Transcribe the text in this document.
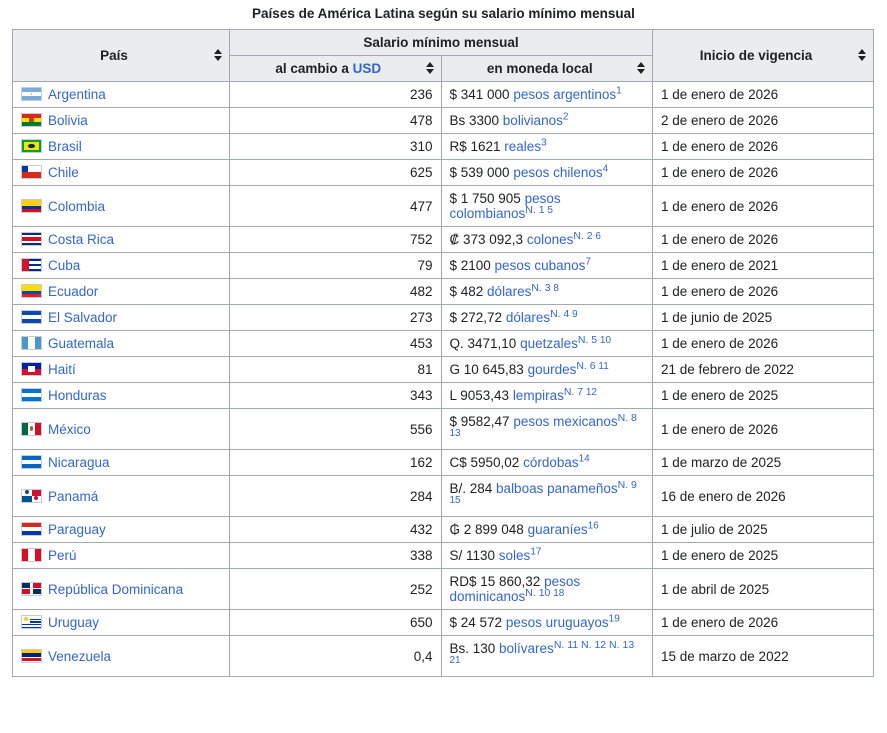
Países de América Latina según su salario mínimo mensual
País	Salario mínimo mensual		Inicio de vigencia

	al cambio a USD	en moneda local	

Argentina	236	$ 341 000 pesos argentinos$^1$	1 de enero de 2026

Bolivia	478	Bs 3300 bolivianos$^2$	2 de enero de 2026

Brasil	310	R$ 1621 reales$^3$	1 de enero de 2026

Chile	625	$ 539 000 pesos chilenos$^4$	1 de enero de 2026

Colombia	477	$ 1 750 905 pesos colombianos$^{N. 1 5}$	1 de enero de 2026

Costa Rica	752	₡ 373 092,3 colones$^{N. 2 6}$	1 de enero de 2026

Cuba	79	$ 2100 pesos cubanos$^7$	1 de enero de 2021

Ecuador	482	$ 482 dólares$^{N. 3 8}$	1 de enero de 2026

El Salvador	273	$ 272,72 dólares$^{N. 4 9}$	1 de junio de 2025

Guatemala	453	Q. 3471,10 quetzales$^{N. 5 10}$	1 de enero de 2026

Haití	81	G 10 645,83 gourdes$^{N. 6 11}$	21 de febrero de 2022

Honduras	343	L 9053,43 lempiras$^{N. 7 12}$	1 de enero de 2025

México	556	$ 9582,47 pesos mexicanos$^{N. 8 13}$	1 de enero de 2026

Nicaragua	162	C$ 5950,02 córdobas$^{14}$	1 de marzo de 2025

Panamá	284	B/. 284 balboas panameños$^{N. 9 15}$	16 de enero de 2026

Paraguay	432	₲ 2 899 048 guaraníes$^{16}$	1 de julio de 2025

Perú	338	S/ 1130 soles$^{17}$	1 de enero de 2025

República Dominicana	252	RD$ 15 860,32 pesos dominicanos$^{N. 10 18}$	1 de abril de 2025

Uruguay	650	$ 24 572 pesos uruguayos$^{19}$	1 de enero de 2026

Venezuela	0,4	Bs. 130 bolívares$^{N. 11 N. 12 N. 13 21}$	15 de marzo de 2022
